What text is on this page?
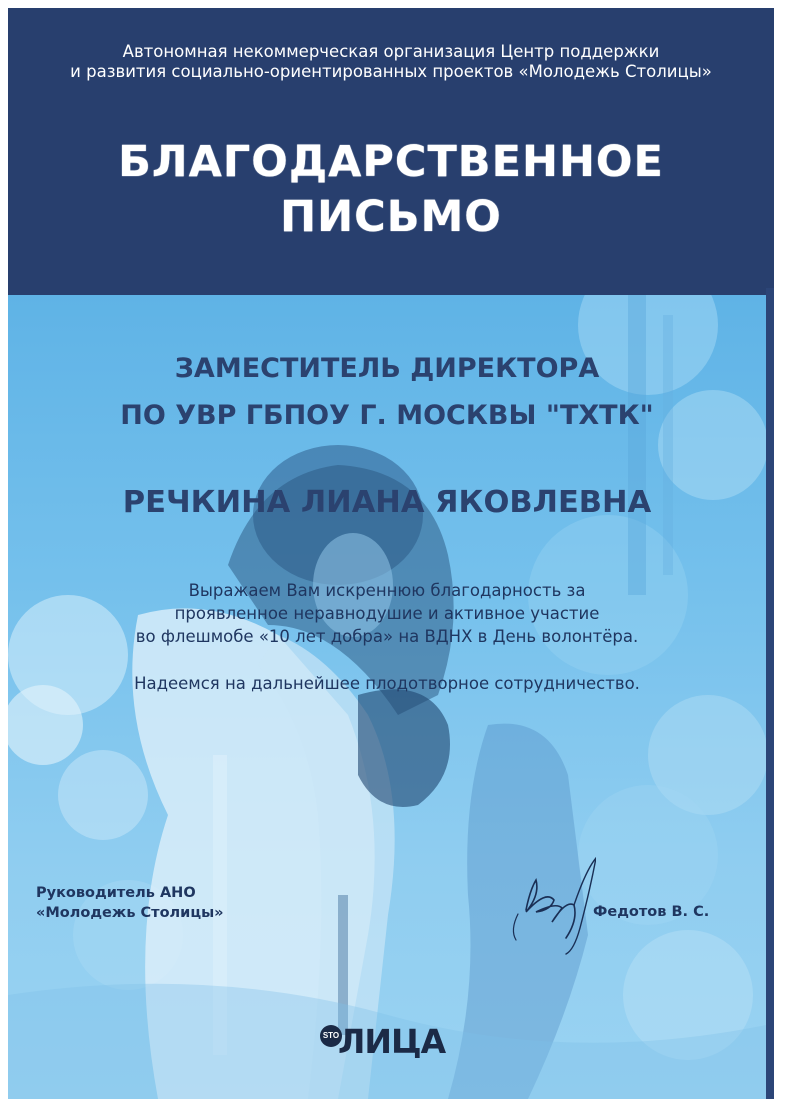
Автономная некоммерческая организация Центр поддержки
и развития социально-ориентированных проектов «Молодежь Столицы»
БЛАГОДАРСТВЕННОЕ
ПИСЬМО
ЗАМЕСТИТЕЛЬ ДИРЕКТОРА
ПО УВР ГБПОУ Г. МОСКВЫ "ТХТК"
РЕЧКИНА ЛИАНА ЯКОВЛЕВНА
Выражаем Вам искреннюю благодарность за
проявленное неравнодушие и активное участие
во флешмобе «10 лет добра» на ВДНХ в День волонтёра.
Надеемся на дальнейшее плодотворное сотрудничество.
Руководитель АНО
«Молодежь Столицы»	Федотов В. С.
STO
ЛИЦА
